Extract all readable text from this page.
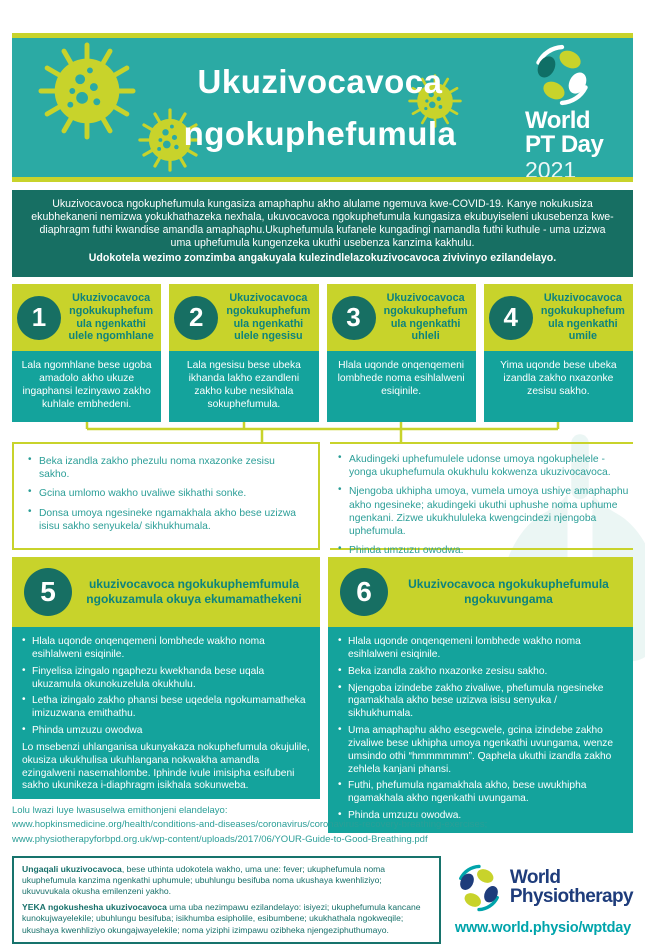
Ukuzivocavoca
ngokuphefumula	World
PT Day
2021
Ukuzivocavoca ngokuphefumula kungasiza amaphaphu akho alulame ngemuva kwe-COVID-19. Kanye nokukusiza ekubhekaneni nemizwa yokukhathazeka nexhala, ukuvocavoca ngokuphefumula kungasiza ekubuyiseleni ukusebenza kwe-diaphragm futhi kwandise amandla amaphaphu.Ukuphefumula kufanele kungadingi namandla futhi kuthule - uma uzizwa uma uphefumula kungenzeka ukuthi usebenza kanzima kakhulu.
Udokotela wezimo zomzimba angakuyala kulezindlelazokuzivocavoca zivivinyo ezilandelayo.
1
Ukuzivocavoca ngokukuphefum ula ngenkathi ulele ngomhlane
Lala ngomhlane bese ugoba amadolo akho ukuze ingaphansi lezinyawo zakho kuhlale embhedeni.
2
Ukuzivocavoca ngokukuphefum ula ngenkathi ulele ngesisu
Lala ngesisu bese ubeka ikhanda lakho ezandleni zakho kube nesikhala sokuphefumula.
3
Ukuzivocavoca ngokukuphefum ula ngenkathi uhleli
Hlala uqonde onqenqemeni lombhede noma esihlalweni esiqinile.
4
Ukuzivocavoca ngokukuphefum ula ngenkathi umile
Yima uqonde bese ubeka izandla zakho nxazonke zesisu sakho.
• Beka izandla zakho phezulu noma nxazonke zesisu sakho.
• Gcina umlomo wakho uvaliwe sikhathi sonke.
• Donsa umoya ngesineke ngamakhala akho bese uzizwa isisu sakho senyukela/ sikhukhumala.
• Akudingeki uphefumulele udonse umoya ngokuphelele - yonga ukuphefumula okukhulu kokwenza ukuzivocavoca.
• Njengoba ukhipha umoya, vumela umoya ushiye amaphaphu akho ngesineke; akudingeki ukuthi uphushe noma uphume ngenkani. Zizwe ukukhululeka kwengcindezi njengoba uphefumula.
• Phinda umzuzu owodwa.
5	ukuzivocavoca ngokukuphemfumula ngokuzamula okuya ekumamathekeni
• Hlala uqonde onqenqemeni lombhede wakho noma esihlalweni esiqinile.
• Finyelisa izingalo ngaphezu kwekhanda bese uqala ukuzamula okunokuzelula okukhulu.
• Letha izingalo zakho phansi bese uqedela ngokumamatheka imizuzwana emithathu.
• Phinda umzuzu owodwa
Lo msebenzi uhlanganisa ukunyakaza nokuphefumula okujulile, okusiza ukukhulisa ukuhlangana nokwakha amandla ezingalweni nasemahlombe. Iphinde ivule imisipha esifubeni sakho ukunikeza i-diaphragm isikhala sokunweba.
6	Ukuzivocavoca ngokukuphefumula ngokuvungama
• Hlala uqonde onqenqemeni lombhede wakho noma esihlalweni esiqinile.
• Beka izandla zakho nxazonke zesisu sakho.
• Njengoba izindebe zakho zivaliwe, phefumula ngesineke ngamakhala akho bese uzizwa isisu senyuka / sikhukhumala.
• Uma amaphaphu akho esegcwele, gcina izindebe zakho zivaliwe bese ukhipha umoya ngenkathi uvungama, wenze umsindo othi “hmmmmmm”. Qaphela ukuthi izandla zakho zehlela kanjani phansi.
• Futhi, phefumula ngamakhala akho, bese uwukhipha ngamakhala akho ngenkathi uvungama.
• Phinda umzuzu owodwa.
Lolu lwazi luye lwasuselwa emithonjeni elandelayo:
www.hopkinsmedicine.org/health/conditions-and-diseases/coronavirus/coronavirus-recovery-breathing-exercises;
www.physiotherapyforbpd.org.uk/wp-content/uploads/2017/06/YOUR-Guide-to-Good-Breathing.pdf

Ungaqali ukuzivocavoca, bese uthinta udokotela wakho, uma une: fever; ukuphefumula noma ukuphefumula kanzima ngenkathi uphumule; ubuhlungu besifuba noma ukushaya kwenhliziyo; ukuvuvukala okusha emilenzeni yakho.

YEKA ngokushesha ukuzivocavoca uma uba nezimpawu ezilandelayo: isiyezi; ukuphefumula kancane kunokujwayelekile; ubuhlungu besifuba; isikhumba esipholile, esibumbene; ukukhathala ngokweqile; ukushaya kwenhliziyo okungajwayelekile; noma yiziphi izimpawu ozibheka njengeziphuthumayo.

World
Physiotherapy
www.world.physio/wptday
